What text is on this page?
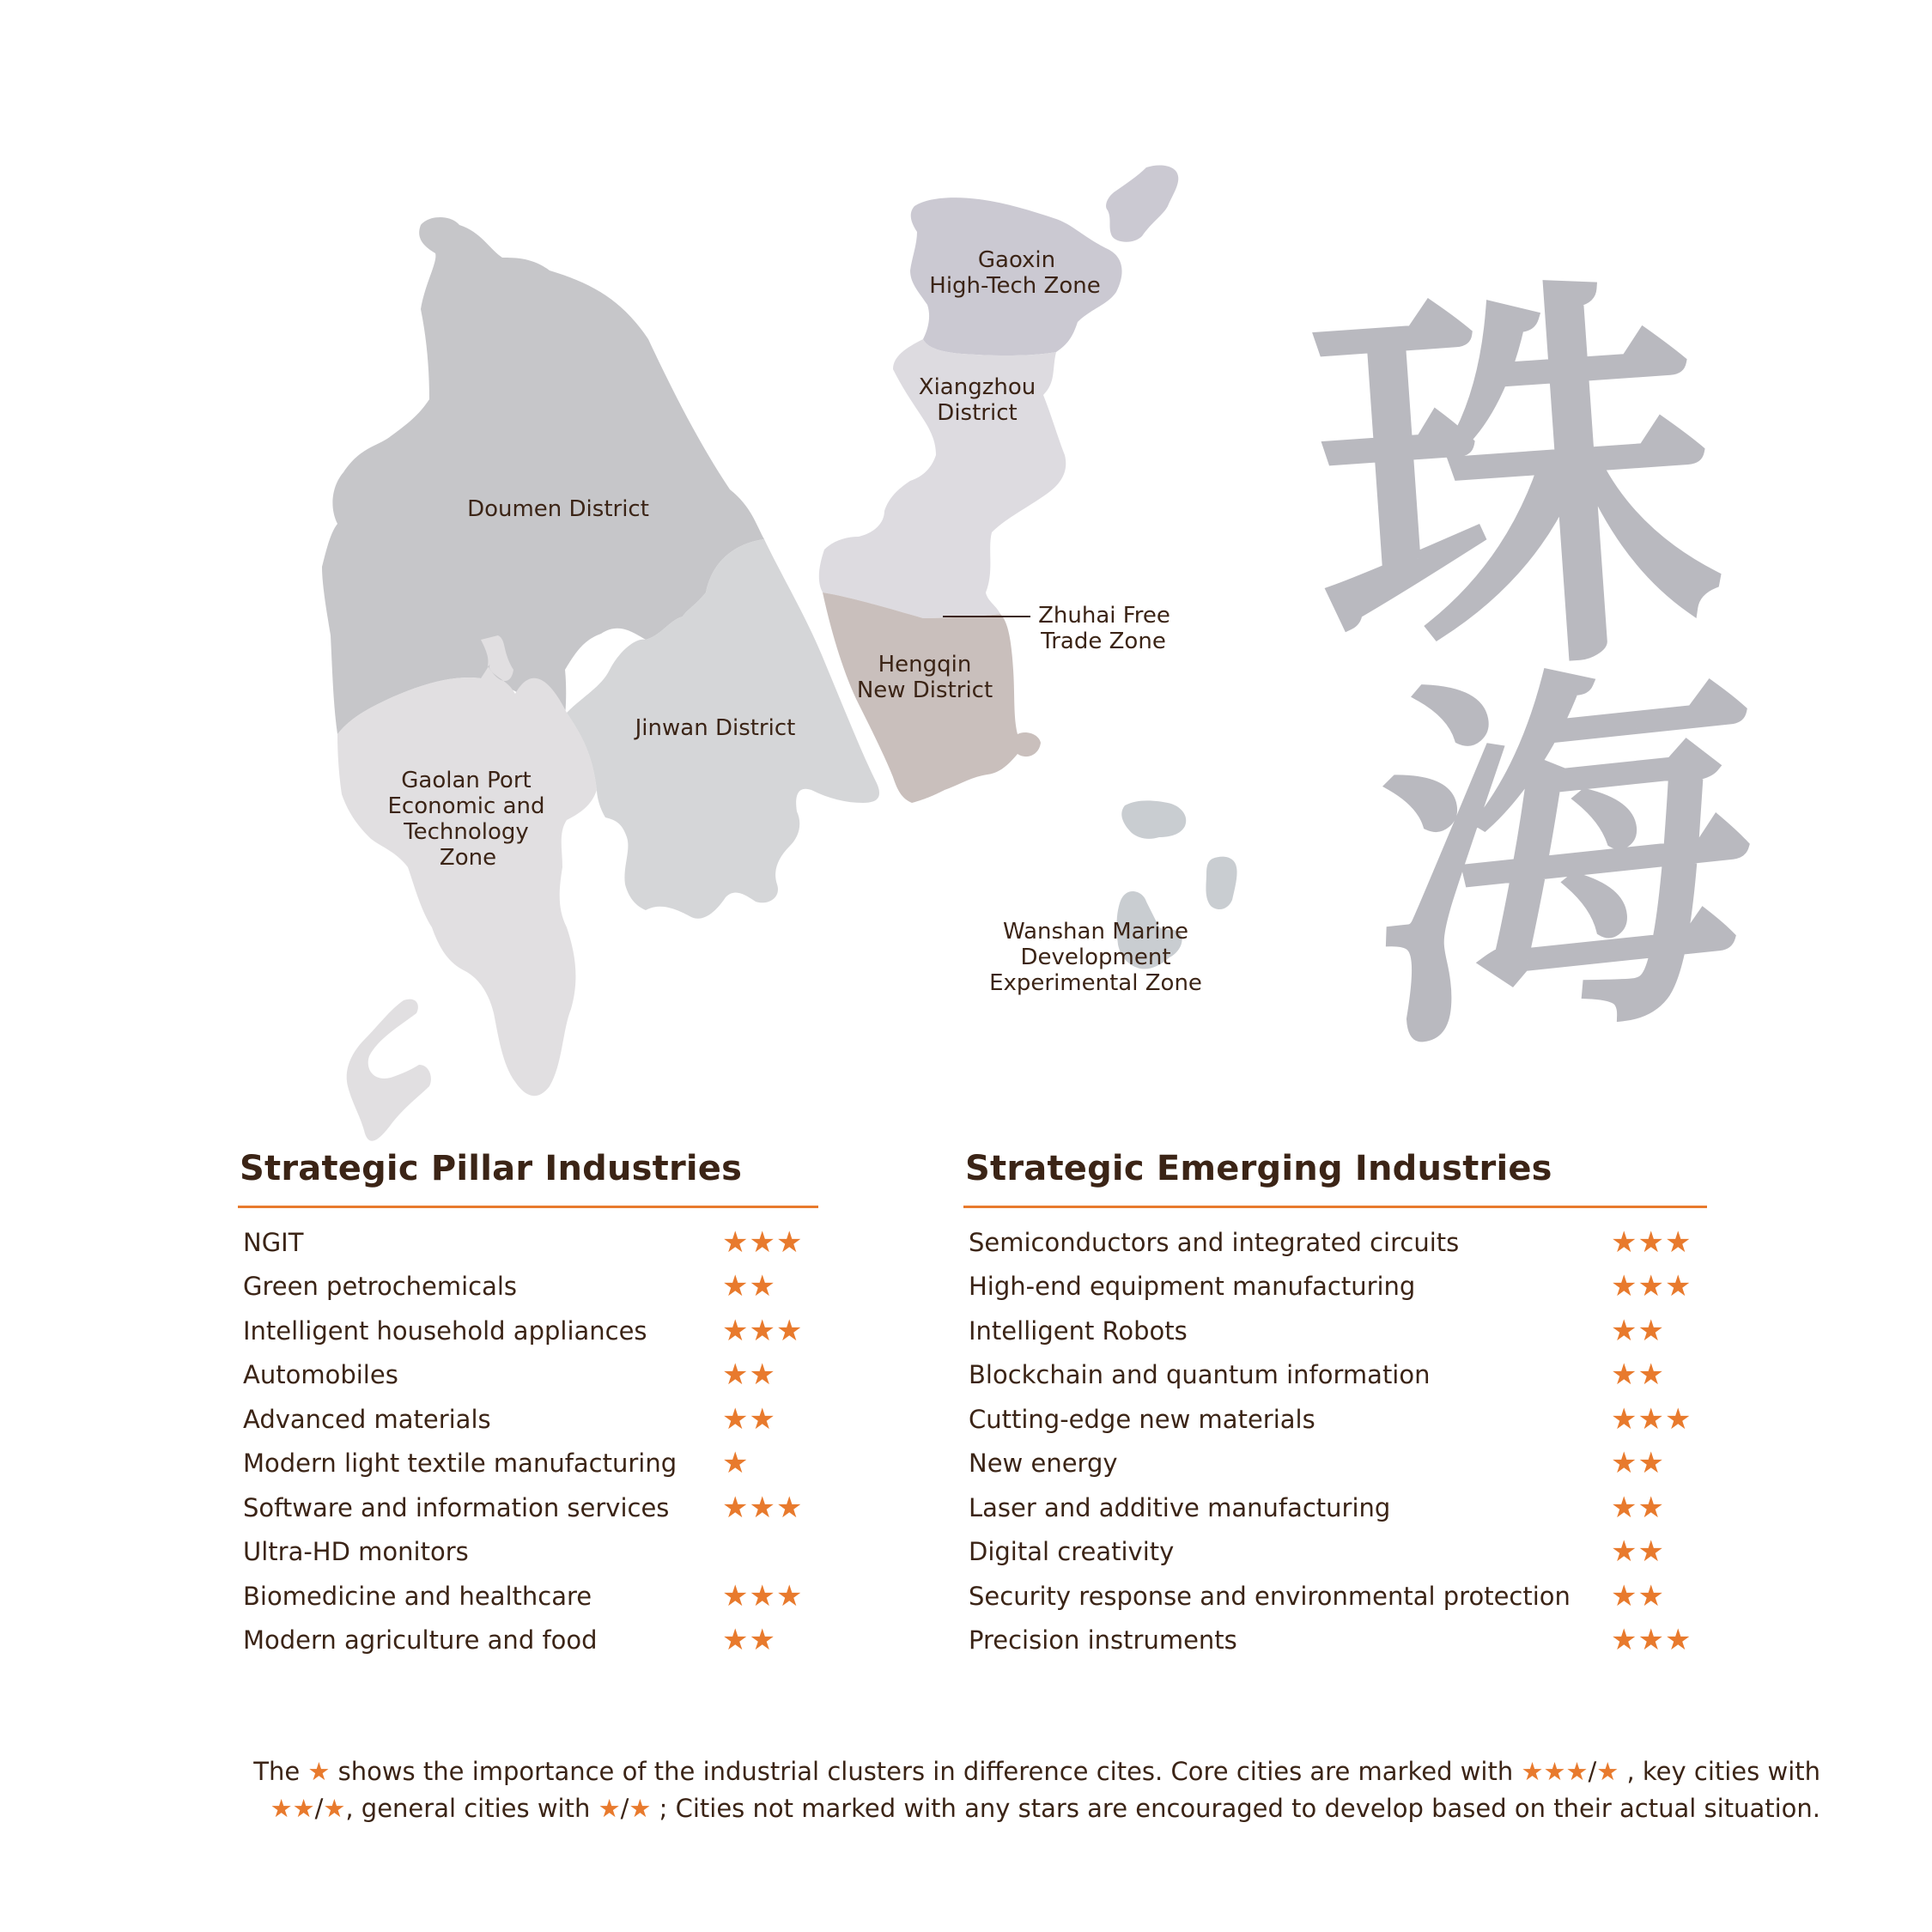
Doumen District
Gaolan Port
Economic and
Technology
Zone
Jinwan District
Gaoxin
High-Tech Zone
Xiangzhou
District
Hengqin
New District
Zhuhai Free
Trade Zone
Wanshan Marine
Development
Experimental Zone
珠
海
Strategic Pillar Industries
NGIT	★★★
Green petrochemicals	★★
Intelligent household appliances	★★★
Automobiles	★★
Advanced materials	★★
Modern light textile manufacturing ★
Software and information services ★★★
Ultra-HD monitors
Biomedicine and healthcare	★★★
Modern agriculture and food	★★
Strategic Emerging Industries
Semiconductors and integrated circuits	★★★
High-end equipment manufacturing	★★★
Intelligent Robots	★★
Blockchain and quantum information	★★
Cutting-edge new materials	★★★
New energy	★★
Laser and additive manufacturing	★★
Digital creativity	★★
Security response and environmental protection ★★
Precision instruments	★★★
The ★ shows the importance of the industrial clusters in difference cites. Core cities are marked with ★★★/★ , key cities with
★★/★, general cities with ★/★ ; Cities not marked with any stars are encouraged to develop based on their actual situation.
